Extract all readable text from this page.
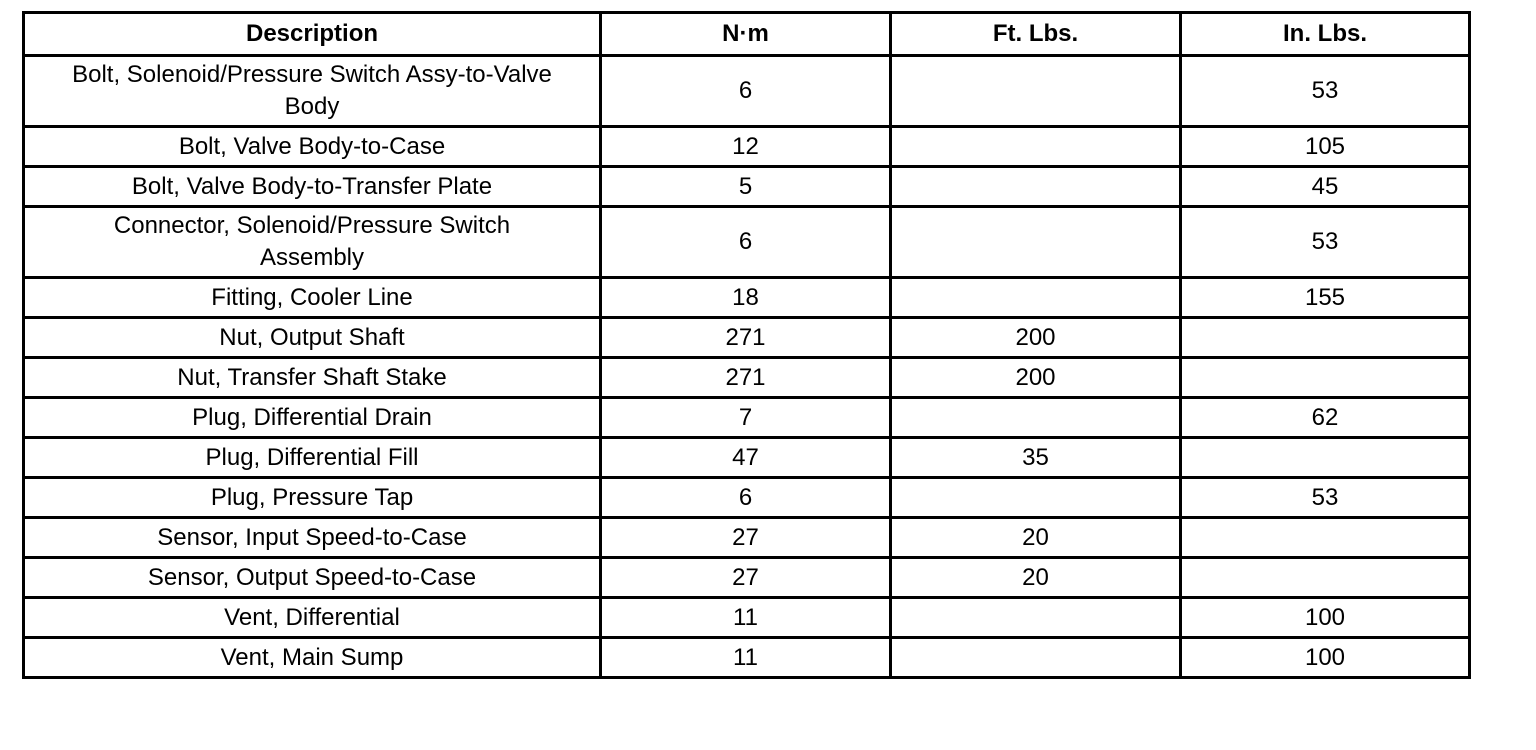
Description	N·m	Ft. Lbs.	In. Lbs.
Bolt, Solenoid/Pressure Switch Assy-to-Valve Body	6		53
Bolt, Valve Body-to-Case	12		105
Bolt, Valve Body-to-Transfer Plate	5		45
Connector, Solenoid/Pressure Switch Assembly	6		53
Fitting, Cooler Line	18		155
Nut, Output Shaft	271	200	
Nut, Transfer Shaft Stake	271	200	
Plug, Differential Drain	7		62
Plug, Differential Fill	47	35	
Plug, Pressure Tap	6		53
Sensor, Input Speed-to-Case	27	20	
Sensor, Output Speed-to-Case	27	20	
Vent, Differential	11		100
Vent, Main Sump	11		100
